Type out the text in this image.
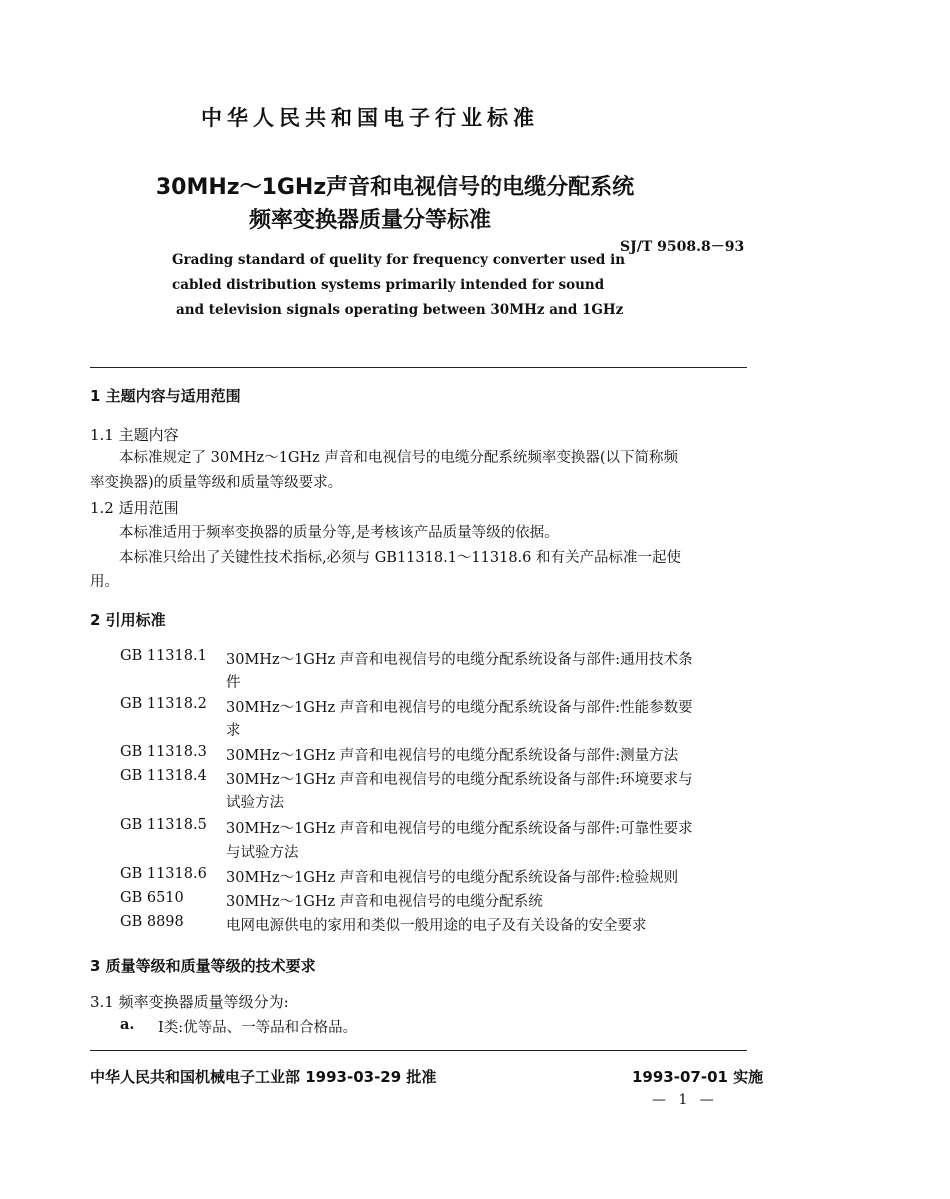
中华人民共和国电子行业标准
30MHz～1GHz声音和电视信号的电缆分配系统
频率变换器质量分等标准
SJ/T 9508.8－93
Grading standard of quelity for frequency converter used in
cabled distribution systems primarily intended for sound
and television signals operating between 30MHz and 1GHz
1 主题内容与适用范围
1.1 主题内容
本标准规定了 30MHz～1GHz 声音和电视信号的电缆分配系统频率变换器(以下简称频
率变换器)的质量等级和质量等级要求。
1.2 适用范围
本标准适用于频率变换器的质量分等,是考核该产品质量等级的依据。
本标准只给出了关键性技术指标,必须与 GB11318.1～11318.6 和有关产品标准一起使
用。
2 引用标准
GB 11318.1 30MHz～1GHz 声音和电视信号的电缆分配系统设备与部件:通用技术条
件
GB 11318.2 30MHz～1GHz 声音和电视信号的电缆分配系统设备与部件:性能参数要
求
GB 11318.3 30MHz～1GHz 声音和电视信号的电缆分配系统设备与部件:测量方法
GB 11318.4 30MHz～1GHz 声音和电视信号的电缆分配系统设备与部件:环境要求与
试验方法
GB 11318.5 30MHz～1GHz 声音和电视信号的电缆分配系统设备与部件:可靠性要求
与试验方法
GB 11318.6 30MHz～1GHz 声音和电视信号的电缆分配系统设备与部件:检验规则
GB 6510	30MHz～1GHz 声音和电视信号的电缆分配系统
GB 8898	电网电源供电的家用和类似一般用途的电子及有关设备的安全要求
3 质量等级和质量等级的技术要求
3.1 频率变换器质量等级分为:
a. Ⅰ类:优等品、一等品和合格品。
中华人民共和国机械电子工业部 1993-03-29 批准	1993-07-01 实施
— 1 —
